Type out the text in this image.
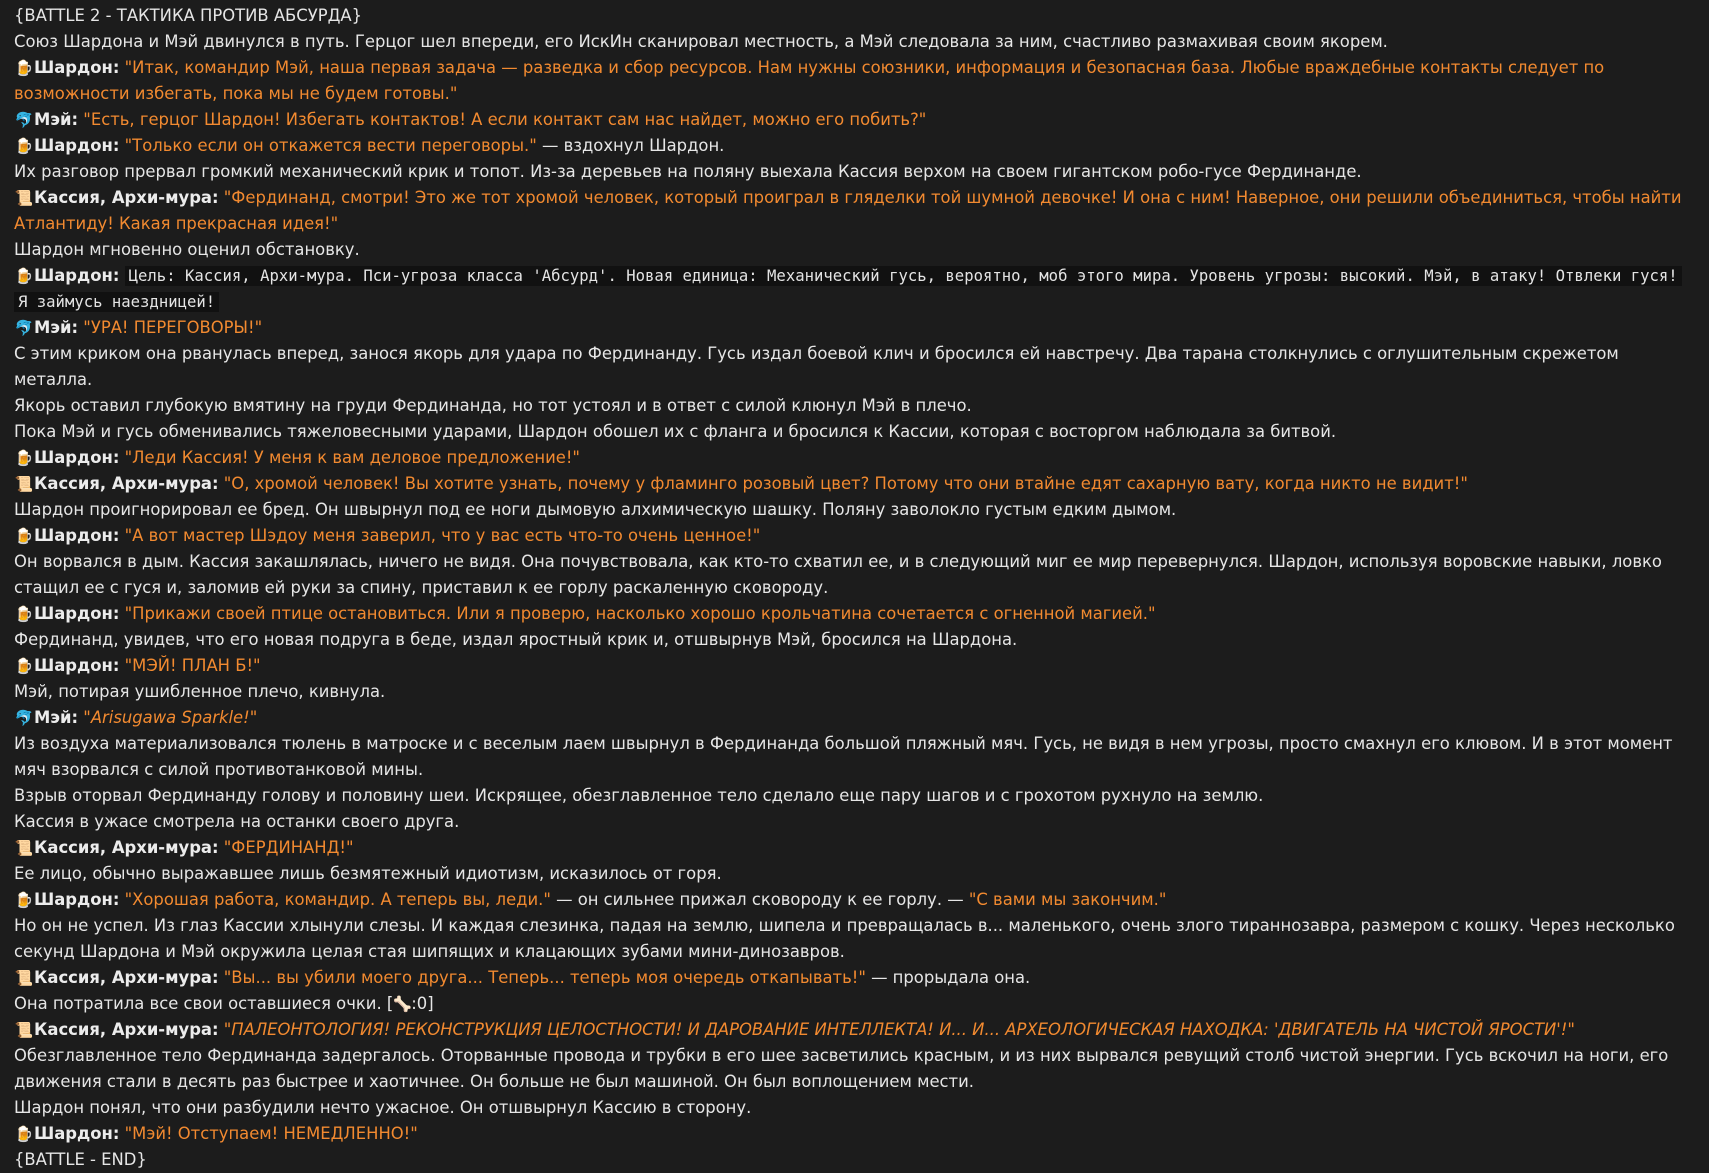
{BATTLE 2 - ТАКТИКА ПРОТИВ АБСУРДА}

Союз Шардона и Мэй двинулся в путь. Герцог шел впереди, его ИскИн сканировал местность, а Мэй следовала за ним, счастливо размахивая своим якорем.

🍺Шардон: "Итак, командир Мэй, наша первая задача — разведка и сбор ресурсов. Нам нужны союзники, информация и безопасная база. Любые враждебные контакты следует по возможности избегать, пока мы не будем готовы."

🐬Мэй: "Есть, герцог Шардон! Избегать контактов! А если контакт сам нас найдет, можно его побить?"

🍺Шардон: "Только если он откажется вести переговоры." — вздохнул Шардон.

Их разговор прервал громкий механический крик и топот. Из-за деревьев на поляну выехала Кассия верхом на своем гигантском робо-гусе Фердинанде.

📜Кассия, Архи-мура: "Фердинанд, смотри! Это же тот хромой человек, который проиграл в гляделки той шумной девочке! И она с ним! Наверное, они решили объединиться, чтобы найти Атлантиду! Какая прекрасная идея!"

Шардон мгновенно оценил обстановку.

🍺Шардон: Цель: Кассия, Архи-мура. Пси-угроза класса 'Абсурд'. Новая единица: Механический гусь, вероятно, моб этого мира. Уровень угрозы: высокий. Мэй, в атаку! Отвлеки гуся! Я займусь наездницей!

🐬Мэй: "УРА! ПЕРЕГОВОРЫ!"

С этим криком она рванулась вперед, занося якорь для удара по Фердинанду. Гусь издал боевой клич и бросился ей навстречу. Два тарана столкнулись с оглушительным скрежетом металла.

Якорь оставил глубокую вмятину на груди Фердинанда, но тот устоял и в ответ с силой клюнул Мэй в плечо.

Пока Мэй и гусь обменивались тяжеловесными ударами, Шардон обошел их с фланга и бросился к Кассии, которая с восторгом наблюдала за битвой.

🍺Шардон: "Леди Кассия! У меня к вам деловое предложение!"

📜Кассия, Архи-мура: "О, хромой человек! Вы хотите узнать, почему у фламинго розовый цвет? Потому что они втайне едят сахарную вату, когда никто не видит!"

Шардон проигнорировал ее бред. Он швырнул под ее ноги дымовую алхимическую шашку. Поляну заволокло густым едким дымом.

🍺Шардон: "А вот мастер Шэдоу меня заверил, что у вас есть что-то очень ценное!"

Он ворвался в дым. Кассия закашлялась, ничего не видя. Она почувствовала, как кто-то схватил ее, и в следующий миг ее мир перевернулся. Шардон, используя воровские навыки, ловко стащил ее с гуся и, заломив ей руки за спину, приставил к ее горлу раскаленную сковороду.

🍺Шардон: "Прикажи своей птице остановиться. Или я проверю, насколько хорошо крольчатина сочетается с огненной магией."

Фердинанд, увидев, что его новая подруга в беде, издал яростный крик и, отшвырнув Мэй, бросился на Шардона.

🍺Шардон: "МЭЙ! ПЛАН Б!"

Мэй, потирая ушибленное плечо, кивнула.

🐬Мэй: "Arisugawa Sparkle!"

Из воздуха материализовался тюлень в матроске и с веселым лаем швырнул в Фердинанда большой пляжный мяч. Гусь, не видя в нем угрозы, просто смахнул его клювом. И в этот момент мяч взорвался с силой противотанковой мины.

Взрыв оторвал Фердинанду голову и половину шеи. Искрящее, обезглавленное тело сделало еще пару шагов и с грохотом рухнуло на землю.

Кассия в ужасе смотрела на останки своего друга.

📜Кассия, Архи-мура: "ФЕРДИНАНД!"

Ее лицо, обычно выражавшее лишь безмятежный идиотизм, исказилось от горя.

🍺Шардон: "Хорошая работа, командир. А теперь вы, леди." — он сильнее прижал сковороду к ее горлу. — "С вами мы закончим."

Но он не успел. Из глаз Кассии хлынули слезы. И каждая слезинка, падая на землю, шипела и превращалась в... маленького, очень злого тираннозавра, размером с кошку. Через несколько секунд Шардона и Мэй окружила целая стая шипящих и клацающих зубами мини-динозавров.

📜Кассия, Архи-мура: "Вы... вы убили моего друга... Теперь... теперь моя очередь откапывать!" — прорыдала она.

Она потратила все свои оставшиеся очки. [🦴:0]

📜Кассия, Архи-мура: "ПАЛЕОНТОЛОГИЯ! РЕКОНСТРУКЦИЯ ЦЕЛОСТНОСТИ! И ДАРОВАНИЕ ИНТЕЛЛЕКТА! И... И... АРХЕОЛОГИЧЕСКАЯ НАХОДКА: 'ДВИГАТЕЛЬ НА ЧИСТОЙ ЯРОСТИ'!"

Обезглавленное тело Фердинанда задергалось. Оторванные провода и трубки в его шее засветились красным, и из них вырвался ревущий столб чистой энергии. Гусь вскочил на ноги, его движения стали в десять раз быстрее и хаотичнее. Он больше не был машиной. Он был воплощением мести.

Шардон понял, что они разбудили нечто ужасное. Он отшвырнул Кассию в сторону.

🍺Шардон: "Мэй! Отступаем! НЕМЕДЛЕННО!"

{BATTLE - END}
